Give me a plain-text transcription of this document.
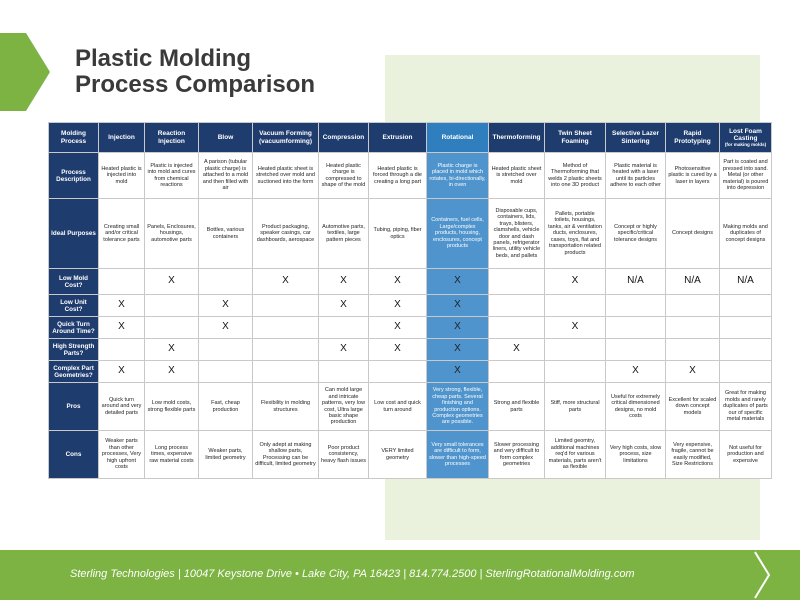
Plastic Molding
Process Comparison
Molding Process	Injection	Reaction Injection	Blow	Vacuum Forming (vacuumforming)	Compression	Extrusion	Rotational	Thermoforming	Twin Sheet Foaming	Selective Lazer Sintering	Rapid Prototyping	Lost Foam Casting
(for making molds)

Process Description	Heated plastic is injected into mold	Plastic is injected into mold and cures from chemical reactions	A parison (tubular plastic charge) is attached to a mold and then filled with air	Heated plastic sheet is stretched over mold and suctioned into the form	Heated plastic charge is compressed to shape of the mold	Heated plastic is forced through a die creating a long part	Plastic charge is placed in mold which rotates, bi-directionally, in oven	Heated plastic sheet is stretched over mold	Method of Thermoforming that welds 2 plastic sheets into one 3D product	Plastic material is heated with a laser until its particles adhere to each other	Photosensitive plastic is cured by a laser in layers	Part is coated and pressed into sand. Metal (or other material) is poured into depression
Ideal Purposes	Creating small and/or critical tolerance parts	Panels, Enclosures, housings, automotive parts	Bottles, various containers	Product packaging, speaker casings, car dashboards, aerospace	Automotive parts, textiles, large pattern pieces	Tubing, piping, fiber optics	Containers, fuel cells, Large/complex products, housing, enclosures, concept products	Disposable cups, containers, lids, trays, blisters, clamshells, vehicle door and dash panels, refrigerator liners, utility vehicle beds, and pallets	Pallets, portable toilets, housings, tanks, air & ventilation ducts, enclosures, cases, toys, flat and transportation related products	Concept or highly specific/critical tolerance designs	Concept designs	Making molds and duplicates of concept designs
Low Mold Cost?		X		X	X	X	X		X	N/A	N/A	N/A
Low Unit Cost?	X		X		X	X	X					
Quick Turn Around Time?	X		X			X	X		X			
High Strength Parts?		X			X	X	X	X				
Complex Part Geometries?	X	X					X			X	X	
Pros	Quick turn around and very detailed parts	Low mold costs, strong flexible parts	Fast, cheap production	Flexibility in molding structures	Can mold large and intricate patterns, very low cost, Ultra large basic shape production	Low cost and quick turn around	Very strong, flexible, cheap parts. Several finishing and production options. Complex geometries are possible.	Strong and flexible parts	Stiff, more structural parts	Useful for extremely critical dimensioned designs, no mold costs	Excellent for scaled down concept models	Great for making molds and rarely duplicates of parts our of specific metal materials
Cons	Weaker parts than other processes, Very high upfront costs	Long process times, expensive raw material costs	Weaker parts, limited geometry	Only adept at making shallow parts, Processing can be difficult, limited geometry	Poor product consistency, heavy flash issues	VERY limited geometry	Very small tolerances are difficult to form, slower than high-speed processes	Slower processing and very difficult to form complex geometries	Limited geomtry, additional machines req'd for various materials, parts aren't as flexible	Very high costs, slow process, size limitations	Very expensive, fragile, cannot be easily modified, Size Restrictions	Not useful for production and expensive
Sterling Technologies | 10047 Keystone Drive • Lake City, PA 16423 | 814.774.2500 | SterlingRotationalMolding.com
